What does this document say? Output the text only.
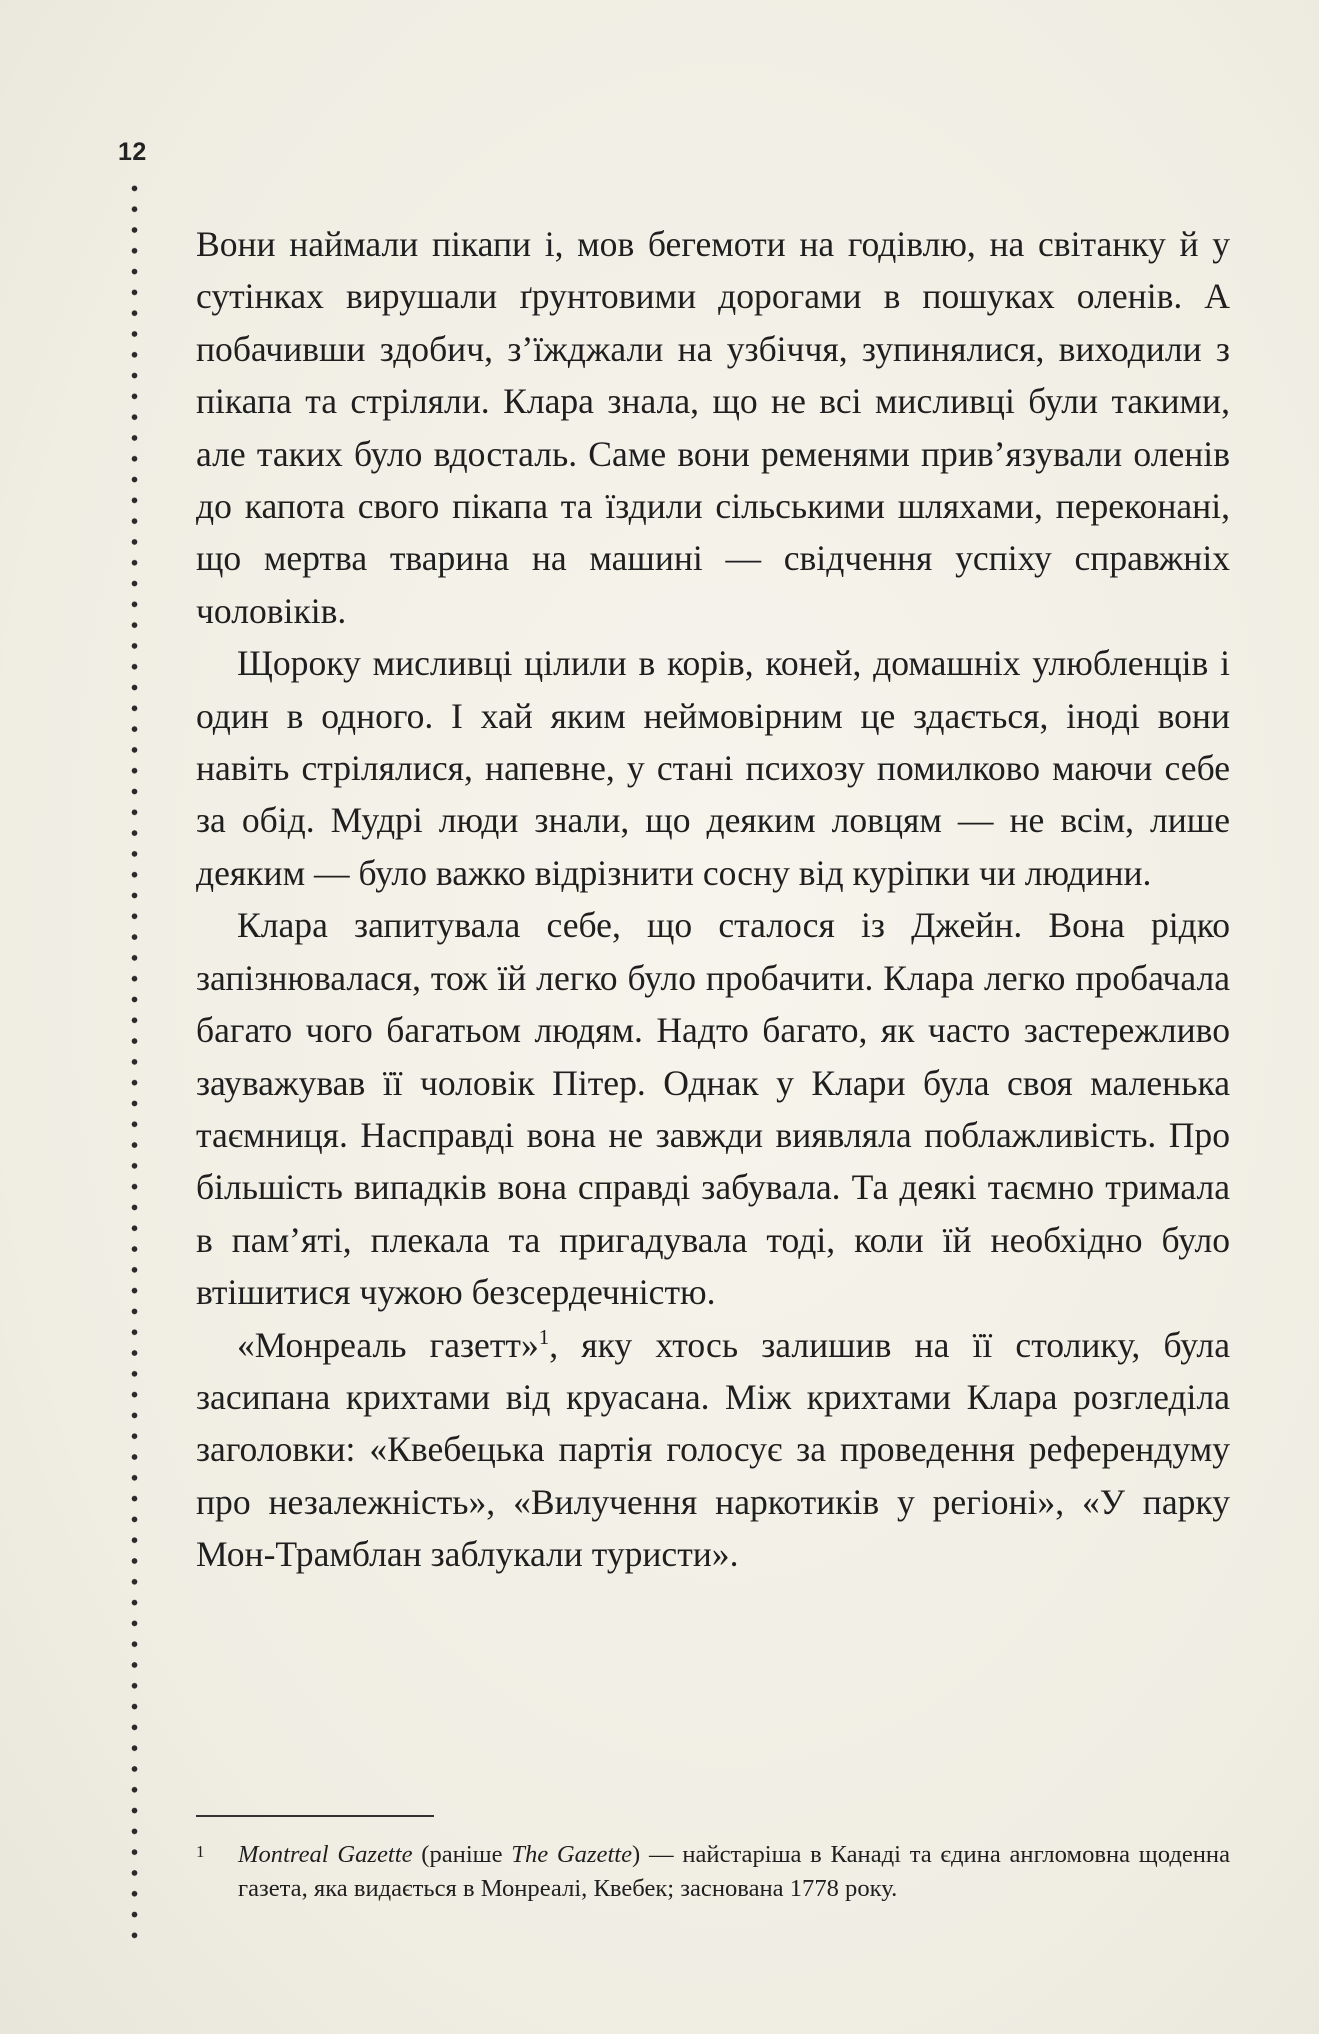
12

Вони наймали пікапи і, мов бегемоти на годівлю, на світанку й у сутінках вирушали ґрунтовими дорогами в пошуках оленів. А побачивши здобич, з’їжджали на узбіччя, зупинялися, виходили з пікапа та стріляли. Клара знала, що не всі мисливці були такими, але таких було вдосталь. Саме вони ременями прив’язували оленів до капота свого пікапа та їздили сільськими шляхами, переконані, що мертва тварина на машині — свідчення успіху справжніх чоловіків.

Щороку мисливці цілили в корів, коней, домашніх улюбленців і один в одного. І хай яким неймовірним це здається, іноді вони навіть стрілялися, напевне, у стані психозу помилково маючи себе за обід. Мудрі люди знали, що деяким ловцям — не всім, лише деяким — було важко відрізнити сосну від куріпки чи людини.

Клара запитувала себе, що сталося із Джейн. Вона рідко запізнювалася, тож їй легко було пробачити. Клара легко пробачала багато чого багатьом людям. Надто багато, як часто застережливо зауважував її чоловік Пітер. Однак у Клари була своя маленька таємниця. Насправді вона не завжди виявляла поблажливість. Про більшість випадків вона справді забувала. Та деякі таємно тримала в пам’яті, плекала та пригадувала тоді, коли їй необхідно було втішитися чужою безсердечністю.

«Монреаль газетт»$^1$, яку хтось залишив на її столику, була засипана крихтами від круасана. Між крихтами Клара розгледіла заголовки: «Квебецька партія голосує за проведення референдуму про незалежність», «Вилучення наркотиків у регіоні», «У парку Мон-Трамблан заблукали туристи».

1 Montreal Gazette (раніше The Gazette) — найстаріша в Канаді та єдина англомовна щоденна газета, яка видається в Монреалі, Квебек; заснована 1778 року.
